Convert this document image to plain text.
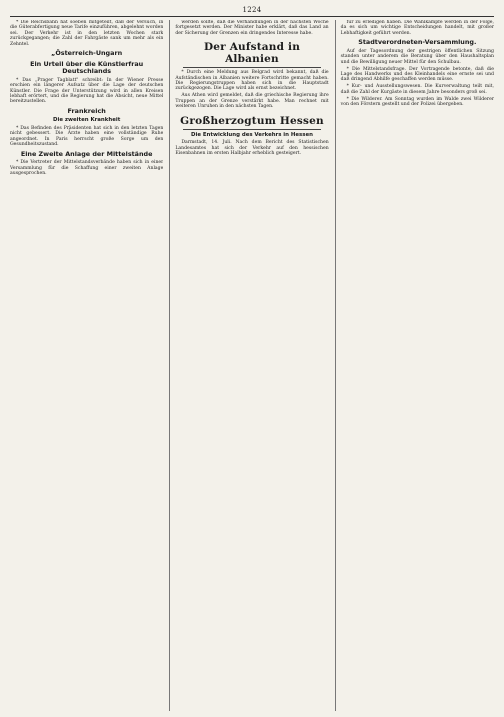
1224

* Die Reichsbahn hat soeben mitgeteilt, daß der Versuch, in die Güterabfertigung neue Tarife einzuführen, abgelehnt worden sei. Der Verkehr ist in den letzten Wochen stark zurückgegangen; die Zahl der Fahrgäste sank um mehr als ein Zehntel.

„Österreich-Ungarn
Ein Urteil über die Künstlerfrau Deutschlands

* Das „Prager Tagblatt" schreibt: In der Wiener Presse erschien ein längerer Aufsatz über die Lage der deutschen Künstler. Die Frage der Unterstützung wird in allen Kreisen lebhaft erörtert, und die Regierung hat die Absicht, neue Mittel bereitzustellen.

Frankreich
Die zweiten Krankheit

* Das Befinden des Präsidenten hat sich in den letzten Tagen nicht gebessert. Die Ärzte haben eine vollständige Ruhe angeordnet. In Paris herrscht große Sorge um den Gesundheitszustand.

Eine Zweite Anlage der Mittelstände

* Die Vertreter der Mittelstandsverbände haben sich in einer Versammlung für die Schaffung einer zweiten Anlage ausgesprochen.

werden sollte, daß die Verhandlungen in der nächsten Woche fortgesetzt werden. Der Minister habe erklärt, daß das Land an der Sicherung der Grenzen ein dringendes Interesse habe.

Der Aufstand in Albanien

* Durch eine Meldung aus Belgrad wird bekannt, daß die Aufständischen in Albanien weitere Fortschritte gemacht haben. Die Regierungstruppen haben sich in die Hauptstadt zurückgezogen. Die Lage wird als ernst bezeichnet.

Aus Athen wird gemeldet, daß die griechische Regierung ihre Truppen an der Grenze verstärkt habe. Man rechnet mit weiteren Unruhen in den nächsten Tagen.

Großherzogtum Hessen
Die Entwicklung des Verkehrs in Hessen

Darmstadt, 14. Juli. Nach dem Bericht des Statistischen Landesamtes hat sich der Verkehr auf den hessischen Eisenbahnen im ersten Halbjahr erheblich gesteigert.

für zu erledigen haben. Die Wahlkämpfe werden in der Folge, da es sich um wichtige Entscheidungen handelt, mit großer Lebhaftigkeit geführt werden.

Stadtverordneten-Versammlung.

Auf der Tagesordnung der gestrigen öffentlichen Sitzung standen unter anderem die Beratung über den Haushaltsplan und die Bewilligung neuer Mittel für den Schulbau.

* Die Mittelstandsfrage. Der Vortragende betonte, daß die Lage des Handwerks und des Kleinhandels eine ernste sei und daß dringend Abhilfe geschaffen werden müsse.

* Kur- und Ausstellungswesen. Die Kurverwaltung teilt mit, daß die Zahl der Kurgäste in diesem Jahre besonders groß sei.

* Die Wilderer. Am Sonntag wurden im Walde zwei Wilderer von den Förstern gestellt und der Polizei übergeben.
